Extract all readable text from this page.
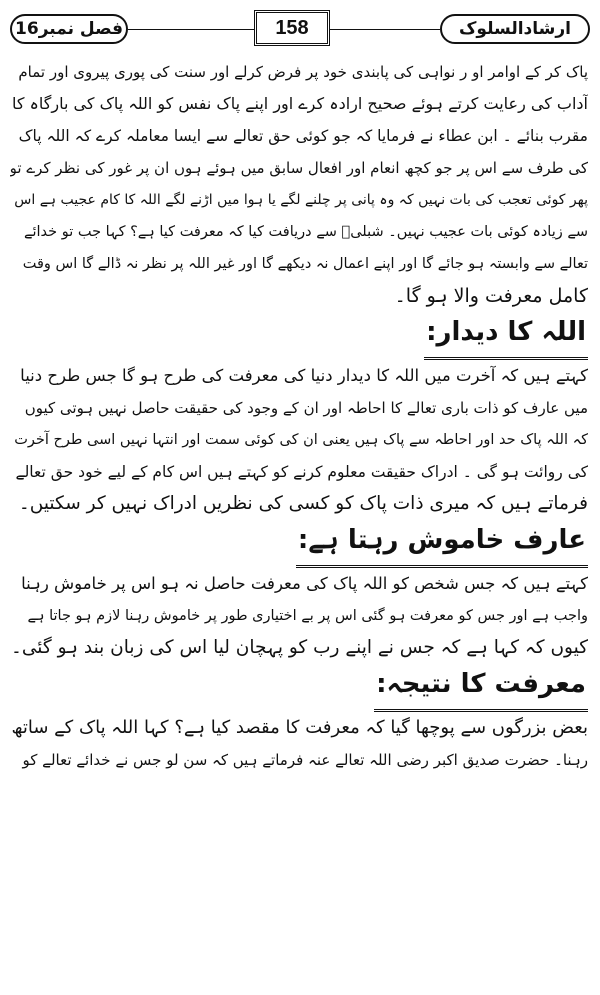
فصل نمبر16	158	ارشادالسلوک
پاک کر کے اوامر او ر نواہی کی پابندی خود پر فرض کرلے اور سنت کی پوری پیروی اور تمام
آداب کی رعایت کرتے ہوئے صحیح ارادہ کرے اور اپنے پاک نفس کو اللہ پاک کی بارگاہ کا
مقرب بنائے ۔ ابن عطاء نے فرمایا کہ جو کوئی حق تعالے سے ایسا معاملہ کرے کہ اللہ پاک
کی طرف سے اس پر جو کچھ انعام اور افعال سابق میں ہوئے ہوں ان پر غور کی نظر کرے تو
پھر کوئی تعجب کی بات نہیں کہ وہ پانی پر چلنے لگے یا ہوا میں اڑنے لگے اللہ کا کام عجیب ہے اس
سے زیادہ کوئی بات عجیب نہیں۔ شبلیؒ سے دریافت کیا کہ معرفت کیا ہے؟ کہا جب تو خدائے
تعالے سے وابستہ ہو جائے گا اور اپنے اعمال نہ دیکھے گا اور غیر اللہ پر نظر نہ ڈالے گا اس وقت
کامل معرفت والا ہو گا۔
اللہ کا دیدار:
کہتے ہیں کہ آخرت میں اللہ کا دیدار دنیا کی معرفت کی طرح ہو گا جس طرح دنیا
میں عارف کو ذات باری تعالے کا احاطہ اور ان کے وجود کی حقیقت حاصل نہیں ہوتی کیوں
کہ اللہ پاک حد اور احاطہ سے پاک ہیں یعنی ان کی کوئی سمت اور انتہا نہیں اسی طرح آخرت
کی روائت ہو گی ۔ ادراک حقیقت معلوم کرنے کو کہتے ہیں اس کام کے لیے خود حق تعالے
فرماتے ہیں کہ میری ذات پاک کو کسی کی نظریں ادراک نہیں کر سکتیں۔
عارف خاموش رہتا ہے:
کہتے ہیں کہ جس شخص کو اللہ پاک کی معرفت حاصل نہ ہو اس پر خاموش رہنا
واجب ہے اور جس کو معرفت ہو گئی اس پر بے اختیاری طور پر خاموش رہنا لازم ہو جاتا ہے
کیوں کہ کہا ہے کہ جس نے اپنے رب کو پہچان لیا اس کی زبان بند ہو گئی۔
معرفت کا نتیجہ:
بعض بزرگوں سے پوچھا گیا کہ معرفت کا مقصد کیا ہے؟ کہا اللہ پاک کے ساتھ
رہنا۔ حضرت صدیق اکبر رضی اللہ تعالے عنہ فرماتے ہیں کہ سن لو جس نے خدائے تعالے کو
